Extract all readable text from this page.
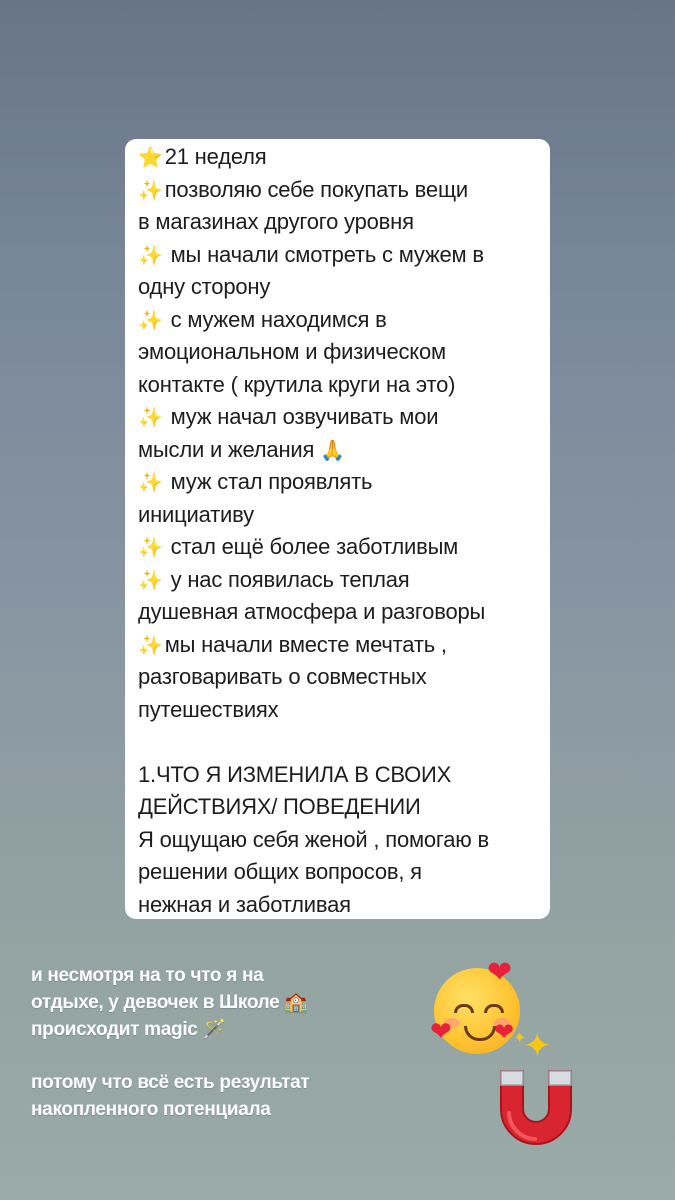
⭐21 неделя
✨позволяю себе покупать вещи
в магазинах другого уровня
✨ мы начали смотреть с мужем в
одну сторону
✨ с мужем находимся в
эмоциональном и физическом
контакте ( крутила круги на это)
✨ муж начал озвучивать мои
мысли и желания 🙏
✨ муж стал проявлять
инициативу
✨ стал ещё более заботливым
✨ у нас появилась теплая
душевная атмосфера и разговоры
✨мы начали вместе мечтать ,
разговаривать о совместных
путешествиях
1.ЧТО Я ИЗМЕНИЛА В СВОИХ
ДЕЙСТВИЯХ/ ПОВЕДЕНИИ
Я ощущаю себя женой , помогаю в
решении общих вопросов, я
нежная и заботливая
и несмотря на то что я на
отдыхе, у девочек в Школе 🏫
происходит magic 🪄
потому что всё есть результат
накопленного потенциала
❤
❤ ❤ ✦
✦
